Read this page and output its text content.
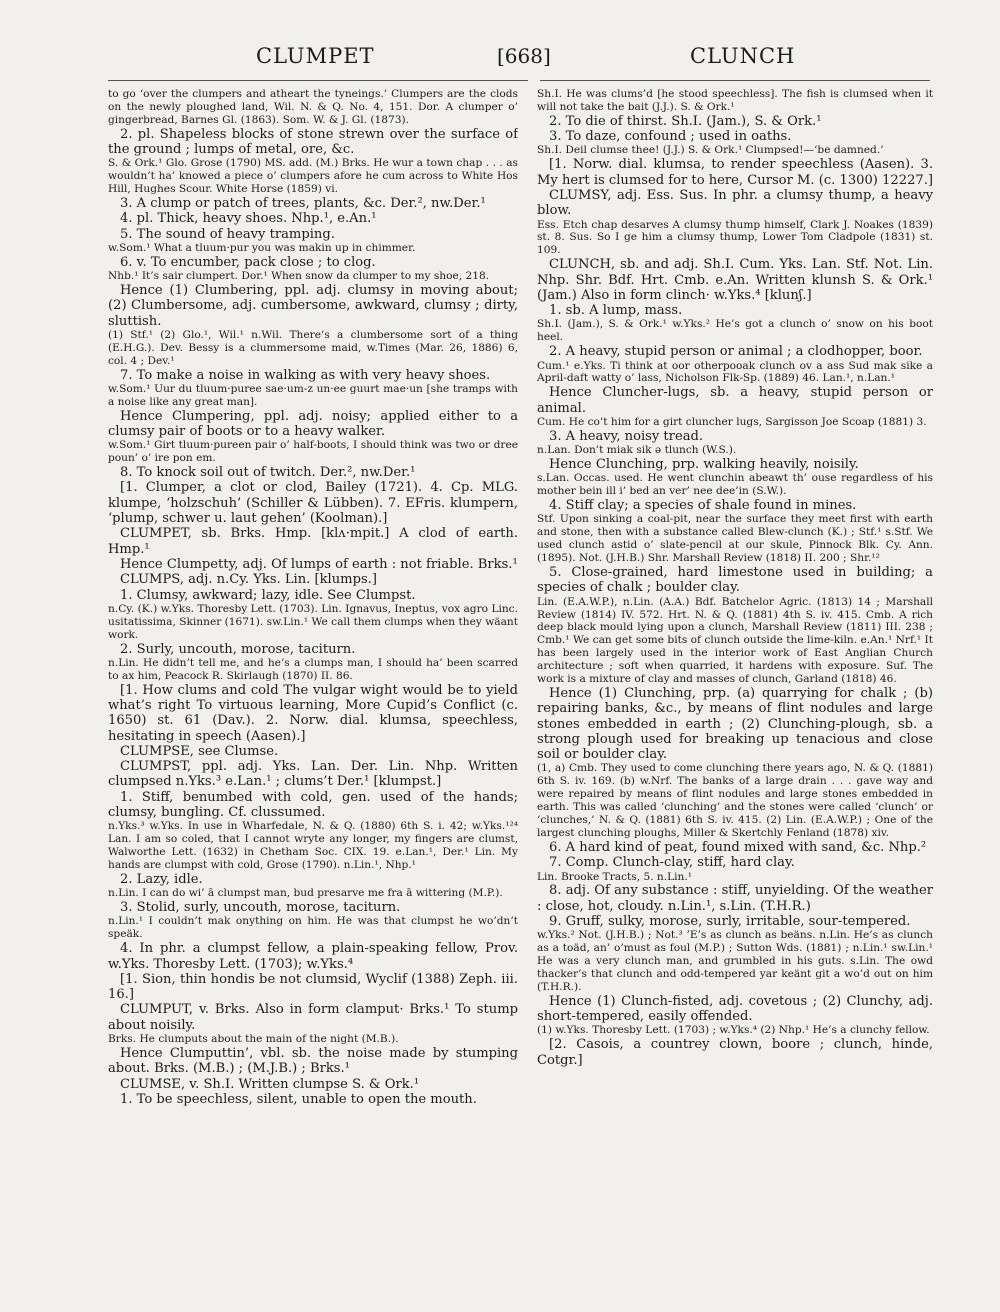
CLUMPET	[668]	CLUNCH

to go ‘over the clumpers and atheart the tyneings.’ Clumpers are the clods on the newly ploughed land, Wil. N. & Q. No. 4, 151. Dor. A clumper o’ gingerbread, Barnes Gl. (1863). Som. W. & J. Gl. (1873).

2. pl. Shapeless blocks of stone strewn over the surface of the ground ; lumps of metal, ore, &c.

S. & Ork.¹ Glo. Grose (1790) MS. add. (M.) Brks. He wur a town chap . . . as wouldn’t ha’ knowed a piece o’ clumpers afore he cum across to White Hos Hill, Hughes Scour. White Horse (1859) vi.

3. A clump or patch of trees, plants, &c. Der.², nw.Der.¹

4. pl. Thick, heavy shoes. Nhp.¹, e.An.¹

5. The sound of heavy tramping.

w.Som.¹ What a tluum·pur you was makin up in chimmer.

6. v. To encumber, pack close ; to clog.

Nhb.¹ It’s sair clumpert. Dor.¹ When snow da clumper to my shoe, 218.

Hence (1) Clumbering, ppl. adj. clumsy in moving about; (2) Clumbersome, adj. cumbersome, awkward, clumsy ; dirty, sluttish.

(1) Stf.¹ (2) Glo.¹, Wil.¹ n.Wil. There’s a clumbersome sort of a thing (E.H.G.). Dev. Bessy is a clummersome maid, w.Times (Mar. 26, 1886) 6, col. 4 ; Dev.¹

7. To make a noise in walking as with very heavy shoes.

w.Som.¹ Uur du tluum·puree sae·um-z un·ee guurt mae·un [she tramps with a noise like any great man].

Hence Clumpering, ppl. adj. noisy; applied either to a clumsy pair of boots or to a heavy walker.

w.Som.¹ Girt tluum·pureen pair o’ half-boots, I should think was two or dree poun’ o’ ire pon em.

8. To knock soil out of twitch. Der.², nw.Der.¹

[1. Clumper, a clot or clod, Bailey (1721). 4. Cp. MLG. klumpe, ‘holzschuh’ (Schiller & Lübben). 7. EFris. klumpern, ‘plump, schwer u. laut gehen’ (Koolman).]

CLUMPET, sb. Brks. Hmp. [klʌ·mpit.] A clod of earth. Hmp.¹

Hence Clumpetty, adj. Of lumps of earth : not friable. Brks.¹

CLUMPS, adj. n.Cy. Yks. Lin. [klumps.]

1. Clumsy, awkward; lazy, idle. See Clumpst.

n.Cy. (K.) w.Yks. Thoresby Lett. (1703). Lin. Ignavus, Ineptus, vox agro Linc. usitatissima, Skinner (1671). sw.Lin.¹ We call them clumps when they wäant work.

2. Surly, uncouth, morose, taciturn.

n.Lin. He didn’t tell me, and he’s a clumps man, I should ha’ been scarred to ax him, Peacock R. Skirlaugh (1870) II. 86.

[1. How clums and cold The vulgar wight would be to yield what’s right To virtuous learning, More Cupid’s Conflict (c. 1650) st. 61 (Dav.). 2. Norw. dial. klumsa, speechless, hesitating in speech (Aasen).]

CLUMPSE, see Clumse.

CLUMPST, ppl. adj. Yks. Lan. Der. Lin. Nhp. Written clumpsed n.Yks.³ e.Lan.¹ ; clums’t Der.¹ [klumpst.]

1. Stiff, benumbed with cold, gen. used of the hands; clumsy, bungling. Cf. clussumed.

n.Yks.³ w.Yks. In use in Wharfedale, N. & Q. (1880) 6th S. i. 42; w.Yks.¹²⁴ Lan. I am so coled, that I cannot wryte any longer, my fingers are clumst, Walworthe Lett. (1632) in Chetham Soc. CIX. 19. e.Lan.¹, Der.¹ Lin. My hands are clumpst with cold, Grose (1790). n.Lin.¹, Nhp.¹

2. Lazy, idle.

n.Lin. I can do wi’ ā clumpst man, bud presarve me fra ā wittering (M.P.).

3. Stolid, surly, uncouth, morose, taciturn.

n.Lin.¹ I couldn’t mak onything on him. He was that clumpst he wo’dn’t speäk.

4. In phr. a clumpst fellow, a plain-speaking fellow, Prov. w.Yks. Thoresby Lett. (1703); w.Yks.⁴

[1. Sion, thin hondis be not clumsid, Wyclif (1388) Zeph. iii. 16.]

CLUMPUT, v. Brks. Also in form clamput· Brks.¹ To stump about noisily.

Brks. He clumputs about the main of the night (M.B.).

Hence Clumputtin’, vbl. sb. the noise made by stumping about. Brks. (M.B.) ; (M.J.B.) ; Brks.¹

CLUMSE, v. Sh.I. Written clumpse S. & Ork.¹

1. To be speechless, silent, unable to open the mouth.

Sh.I. He was clums’d [he stood speechless]. The fish is clumsed when it will not take the bait (J.J.). S. & Ork.¹

2. To die of thirst. Sh.I. (Jam.), S. & Ork.¹

3. To daze, confound ; used in oaths.

Sh.I. Deil clumse thee! (J.J.) S. & Ork.¹ Clumpsed!—‘be damned.’

[1. Norw. dial. klumsa, to render speechless (Aasen). 3. My hert is clumsed for to here, Cursor M. (c. 1300) 12227.]

CLUMSY, adj. Ess. Sus. In phr. a clumsy thump, a heavy blow.

Ess. Etch chap desarves A clumsy thump himself, Clark J. Noakes (1839) st. 8. Sus. So I ge him a clumsy thump, Lower Tom Cladpole (1831) st. 109.

CLUNCH, sb. and adj. Sh.I. Cum. Yks. Lan. Stf. Not. Lin. Nhp. Shr. Bdf. Hrt. Cmb. e.An. Written klunsh S. & Ork.¹ (Jam.) Also in form clinch· w.Yks.⁴ [klunʃ.]

1. sb. A lump, mass.

Sh.I. (Jam.), S. & Ork.¹ w.Yks.² He’s got a clunch o’ snow on his boot heel.

2. A heavy, stupid person or animal ; a clodhopper, boor.

Cum.¹ e.Yks. Ti think at oor otherpooak clunch ov a ass Sud mak sike a April-daft watty o’ lass, Nicholson Flk-Sp. (1889) 46. Lan.¹, n.Lan.¹

Hence Cluncher-lugs, sb. a heavy, stupid person or animal.

Cum. He co’t him for a girt cluncher lugs, Sargisson Joe Scoap (1881) 3.

3. A heavy, noisy tread.

n.Lan. Don’t miak sik ə tlunch (W.S.).

Hence Clunching, prp. walking heavily, noisily.

s.Lan. Occas. used. He went clunchin abeawt th’ ouse regardless of his mother bein ill i’ bed an ver’ nee dee’in (S.W.).

4. Stiff clay; a species of shale found in mines.

Stf. Upon sinking a coal-pit, near the surface they meet first with earth and stone, then with a substance called Blew-clunch (K.) ; Stf.¹ s.Stf. We used clunch astid o’ slate-pencil at our skule, Pinnock Blk. Cy. Ann. (1895). Not. (J.H.B.) Shr. Marshall Review (1818) II. 200 ; Shr.¹²

5. Close-grained, hard limestone used in building; a species of chalk ; boulder clay.

Lin. (E.A.W.P.), n.Lin. (A.A.) Bdf. Batchelor Agric. (1813) 14 ; Marshall Review (1814) IV. 572. Hrt. N. & Q. (1881) 4th S. iv. 415. Cmb. A rich deep black mould lying upon a clunch, Marshall Review (1811) III. 238 ; Cmb.¹ We can get some bits of clunch outside the lime-kiln. e.An.¹ Nrf.¹ It has been largely used in the interior work of East Anglian Church architecture ; soft when quarried, it hardens with exposure. Suf. The work is a mixture of clay and masses of clunch, Garland (1818) 46.

Hence (1) Clunching, prp. (a) quarrying for chalk ; (b) repairing banks, &c., by means of flint nodules and large stones embedded in earth ; (2) Clunching-plough, sb. a strong plough used for breaking up tenacious and close soil or boulder clay.

(1, a) Cmb. They used to come clunching there years ago, N. & Q. (1881) 6th S. iv. 169. (b) w.Nrf. The banks of a large drain . . . gave way and were repaired by means of flint nodules and large stones embedded in earth. This was called ‘clunching’ and the stones were called ‘clunch’ or ‘clunches,’ N. & Q. (1881) 6th S. iv. 415. (2) Lin. (E.A.W.P.) ; One of the largest clunching ploughs, Miller & Skertchly Fenland (1878) xiv.

6. A hard kind of peat, found mixed with sand, &c. Nhp.²

7. Comp. Clunch-clay, stiff, hard clay.

Lin. Brooke Tracts, 5. n.Lin.¹

8. adj. Of any substance : stiff, unyielding. Of the weather : close, hot, cloudy. n.Lin.¹, s.Lin. (T.H.R.)

9. Gruff, sulky, morose, surly, irritable, sour-tempered.

w.Yks.² Not. (J.H.B.) ; Not.³ ’E’s as clunch as beäns. n.Lin. He’s as clunch as a toäd, an’ o’must as foul (M.P.) ; Sutton Wds. (1881) ; n.Lin.¹ sw.Lin.¹ He was a very clunch man, and grumbled in his guts. s.Lin. The owd thacker’s that clunch and odd-tempered yar keänt git a wo’d out on him (T.H.R.).

Hence (1) Clunch-fisted, adj. covetous ; (2) Clunchy, adj. short-tempered, easily offended.

(1) w.Yks. Thoresby Lett. (1703) ; w.Yks.⁴ (2) Nhp.¹ He’s a clunchy fellow.

[2. Casois, a countrey clown, boore ; clunch, hinde, Cotgr.]
